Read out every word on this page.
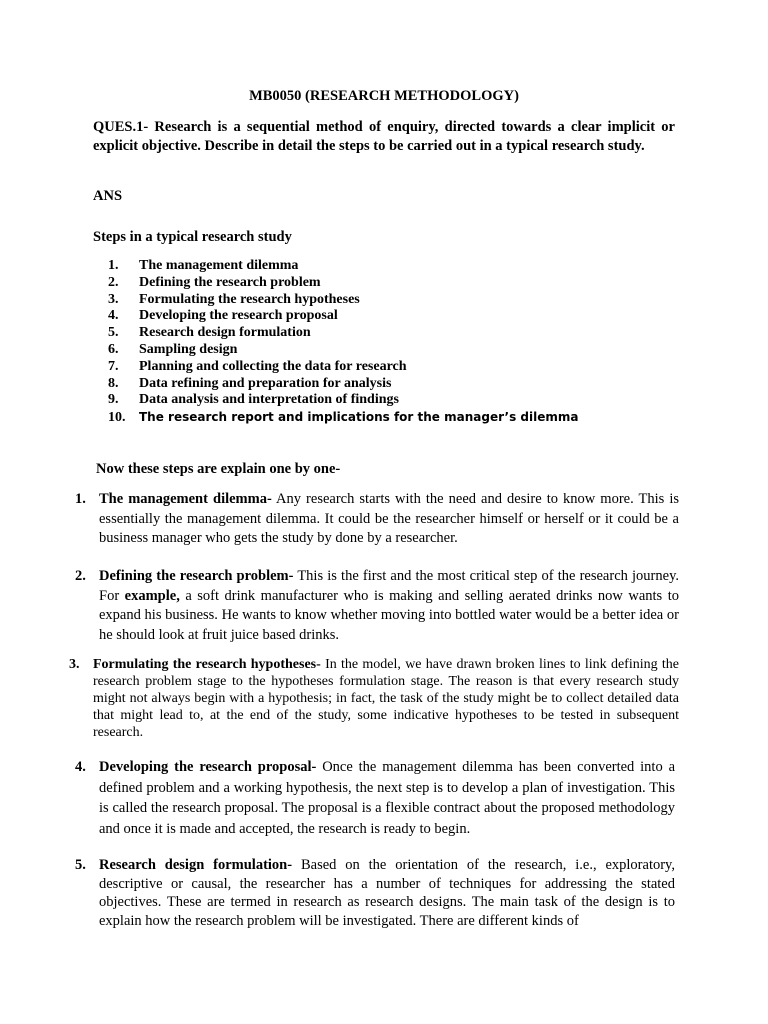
MB0050 (RESEARCH METHODOLOGY)
QUES.1- Research is a sequential method of enquiry, directed towards a clear implicit or explicit objective. Describe in detail the steps to be carried out in a typical research study.
ANS
Steps in a typical research study
1. The management dilemma
2. Defining the research problem
3. Formulating the research hypotheses
4. Developing the research proposal
5. Research design formulation
6. Sampling design
7. Planning and collecting the data for research
8. Data refining and preparation for analysis
9. Data analysis and interpretation of findings
10. The research report and implications for the manager’s dilemma
Now these steps are explain one by one-
1. The management dilemma- Any research starts with the need and desire to know more. This is essentially the management dilemma. It could be the researcher himself or herself or it could be a business manager who gets the study by done by a researcher.
2. Defining the research problem- This is the first and the most critical step of the research journey. For example, a soft drink manufacturer who is making and selling aerated drinks now wants to expand his business. He wants to know whether moving into bottled water would be a better idea or he should look at fruit juice based drinks.
3. Formulating the research hypotheses- In the model, we have drawn broken lines to link defining the research problem stage to the hypotheses formulation stage. The reason is that every research study might not always begin with a hypothesis; in fact, the task of the study might be to collect detailed data that might lead to, at the end of the study, some indicative hypotheses to be tested in subsequent research.
4. Developing the research proposal- Once the management dilemma has been converted into a defined problem and a working hypothesis, the next step is to develop a plan of investigation. This is called the research proposal. The proposal is a flexible contract about the proposed methodology and once it is made and accepted, the research is ready to begin.
5. Research design formulation- Based on the orientation of the research, i.e., exploratory, descriptive or causal, the researcher has a number of techniques for addressing the stated objectives. These are termed in research as research designs. The main task of the design is to explain how the research problem will be investigated. There are different kinds of
